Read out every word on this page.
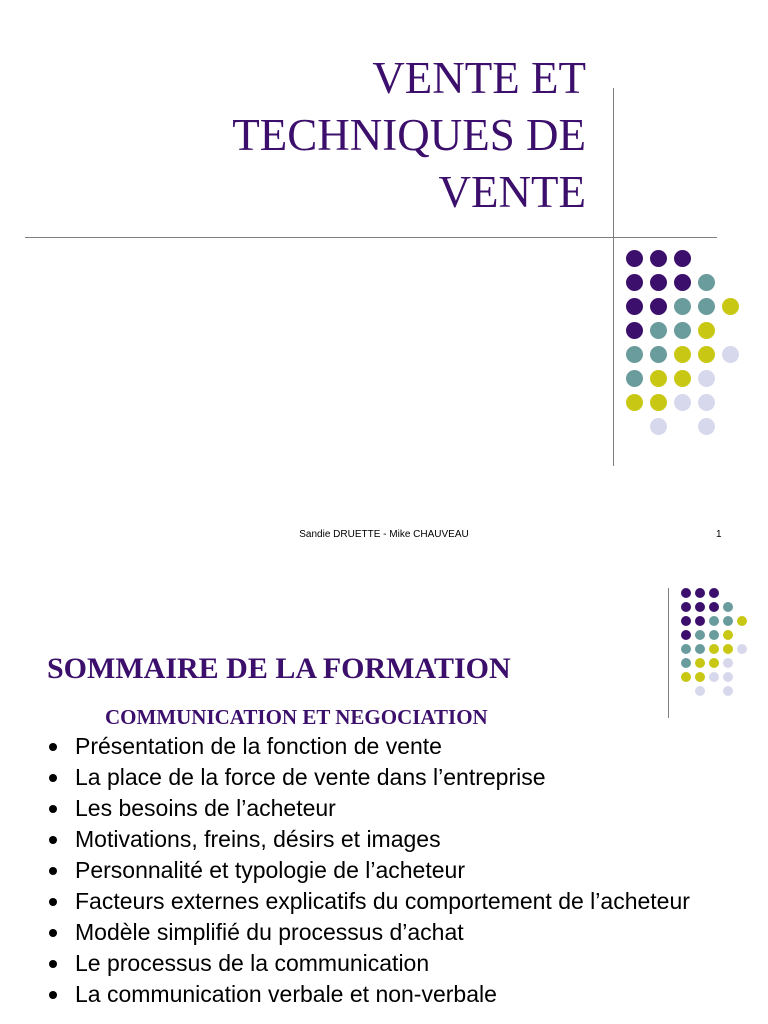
VENTE ET
TECHNIQUES DE
VENTE
Sandie DRUETTE - Mike CHAUVEAU	1
SOMMAIRE DE LA FORMATION
COMMUNICATION ET NEGOCIATION
Présentation de la fonction de vente
La place de la force de vente dans l’entreprise
Les besoins de l’acheteur
Motivations, freins, désirs et images
Personnalité et typologie de l’acheteur
Facteurs externes explicatifs du comportement de l’acheteur
Modèle simplifié du processus d’achat
Le processus de la communication
La communication verbale et non-verbale
